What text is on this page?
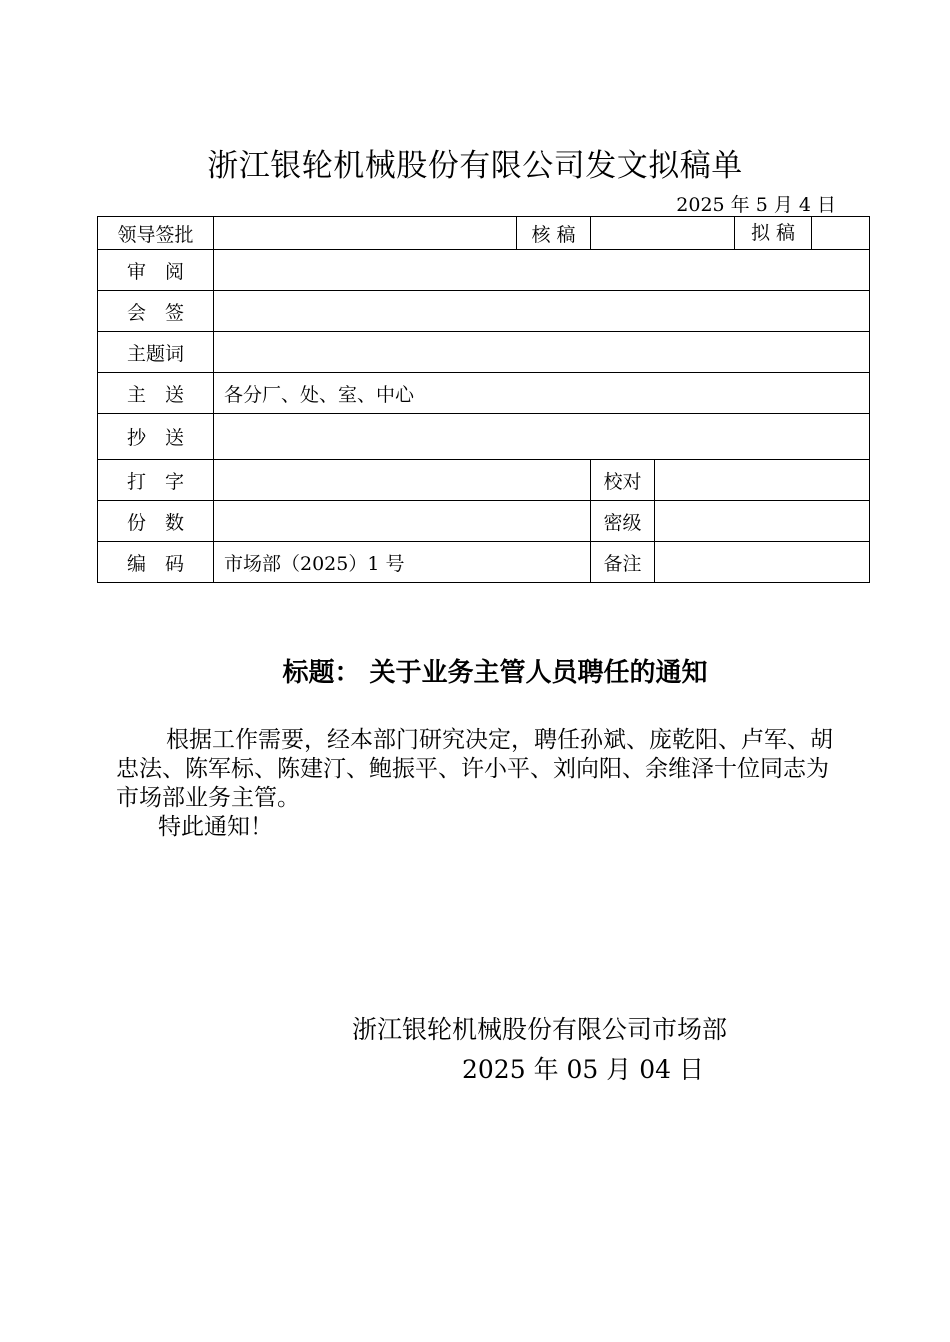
浙江银轮机械股份有限公司发文拟稿单
2025 年 5 月 4 日
领导签批		核 稿			拟 稿

审　阅					
会　签					
主题词					
主　送	各分厂、处、室、中心				
抄　送					
打　字			校对		
份　数			密级		
编　码	市场部（2025）1 号		备注		
标题： 关于业务主管人员聘任的通知

根据工作需要，经本部门研究决定，聘任孙斌、庞乾阳、卢军、胡忠法、陈军标、陈建汀、鲍振平、许小平、刘向阳、余维泽十位同志为市场部业务主管。

特此通知！

浙江银轮机械股份有限公司市场部
2025 年 05 月 04 日
